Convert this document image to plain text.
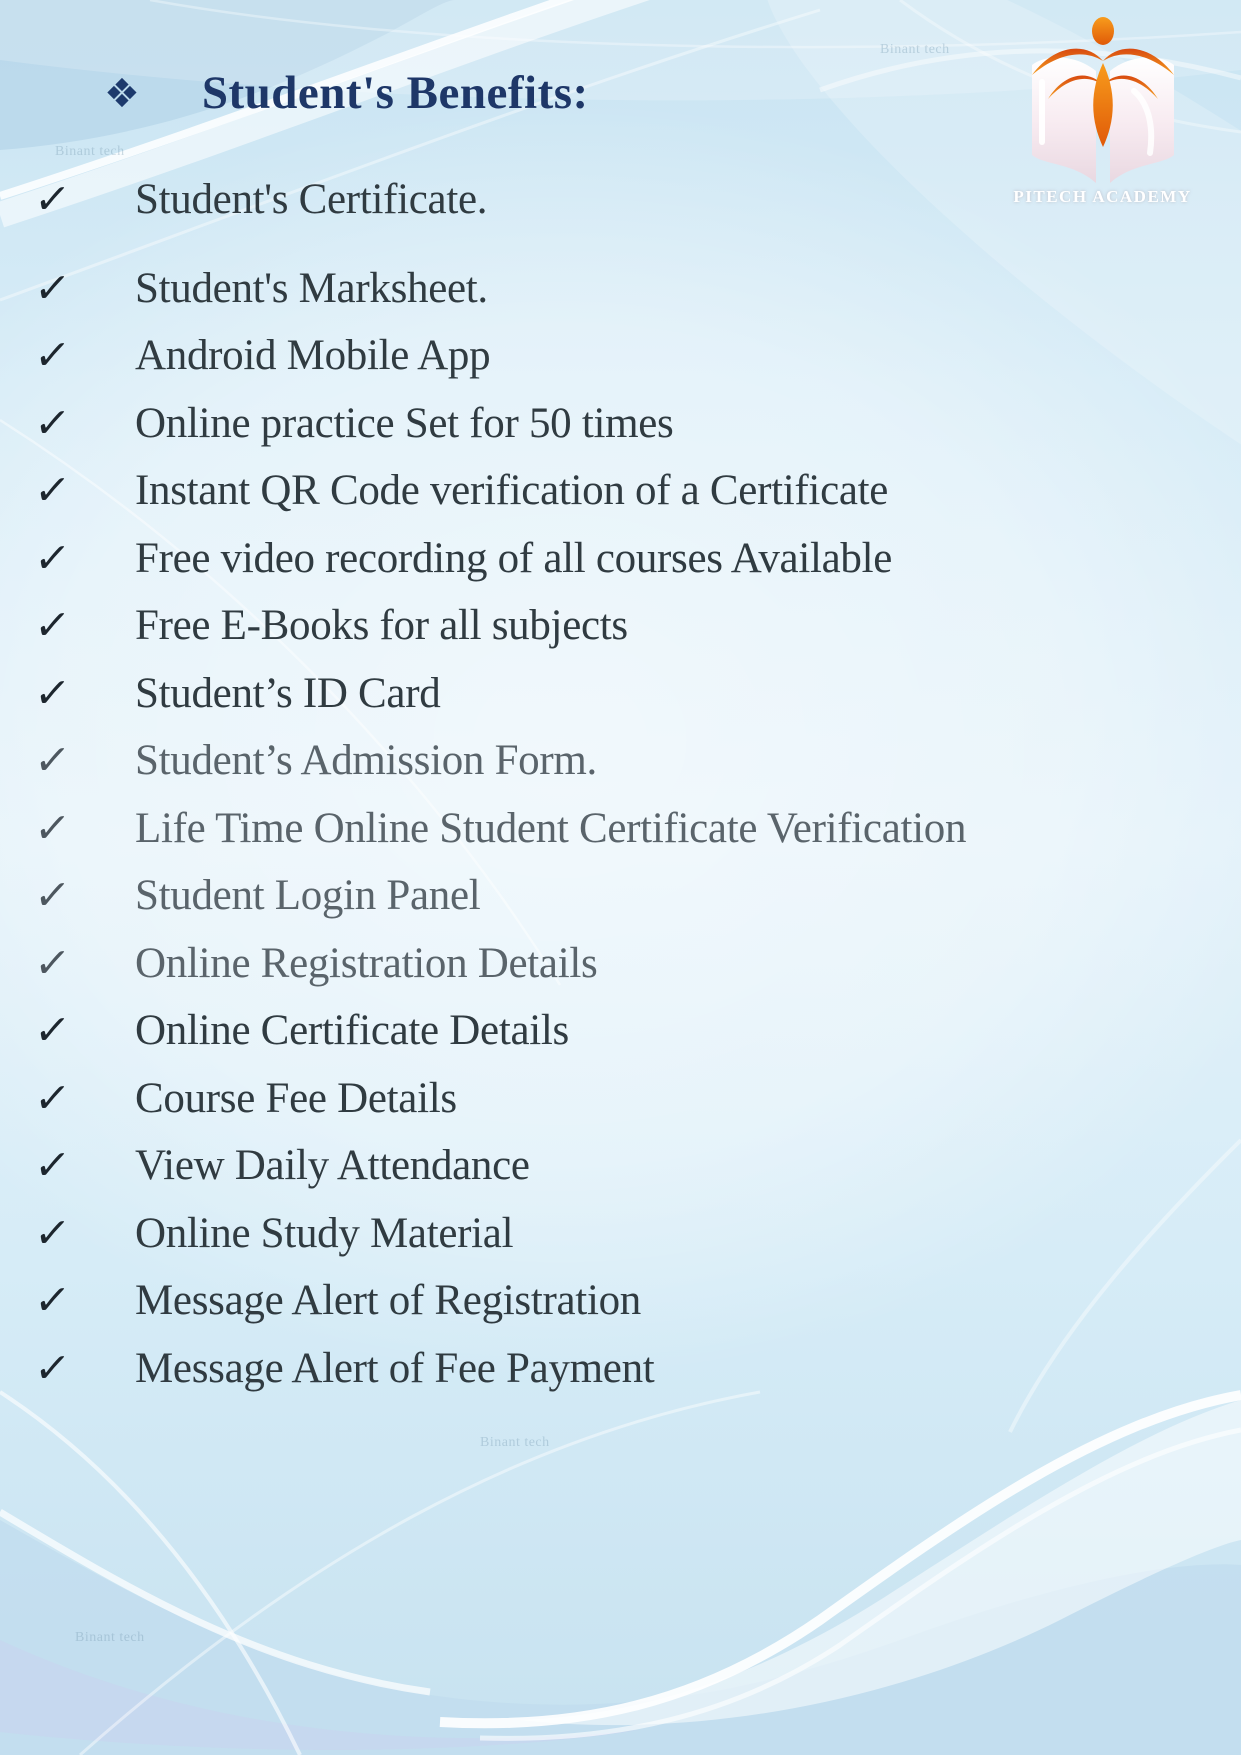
Binant tech
Binant tech
Binant tech
Binant tech
❖ Student's Benefits:
PITECH ACADEMY
✓	Student's Certificate.
✓	Student's Marksheet.
✓	Android Mobile App
✓	Online practice Set for 50 times
✓	Instant QR Code verification of a Certificate
✓	Free video recording of all courses Available
✓	Free E-Books for all subjects
✓	Student’s ID Card
✓	Student’s Admission Form.
✓	Life Time Online Student Certificate Verification
✓	Student Login Panel
✓	Online Registration Details
✓	Online Certificate Details
✓	Course Fee Details
✓	View Daily Attendance
✓	Online Study Material
✓	Message Alert of Registration
✓	Message Alert of Fee Payment
